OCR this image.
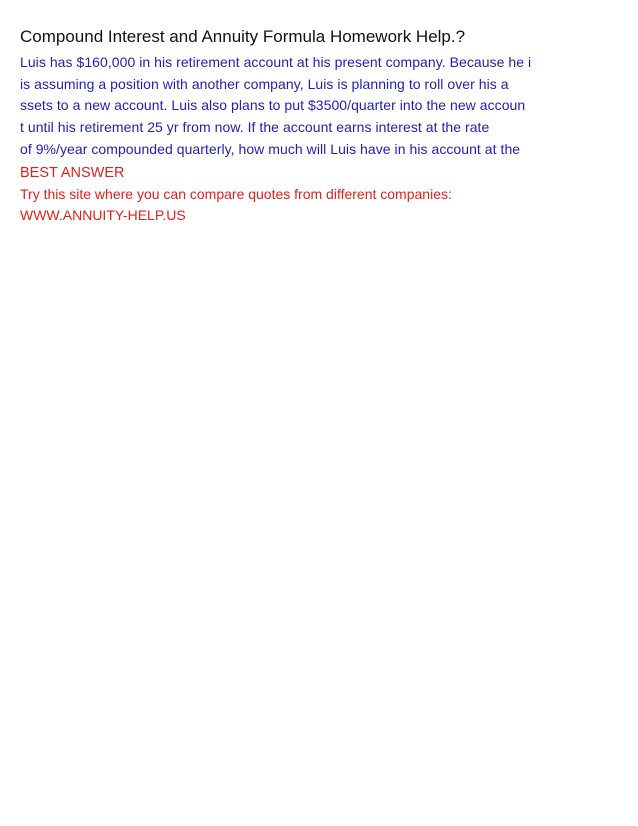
Compound Interest and Annuity Formula Homework Help.?
Luis has $160,000 in his retirement account at his present company. Because he i
is assuming a position with another company, Luis is planning to roll over his a
ssets to a new account. Luis also plans to put $3500/quarter into the new accoun
t until his retirement 25 yr from now. If the account earns interest at the rate
of 9%/year compounded quarterly, how much will Luis have in his account at the
BEST ANSWER
Try this site where you can compare quotes from different companies:
WWW.ANNUITY-HELP.US
